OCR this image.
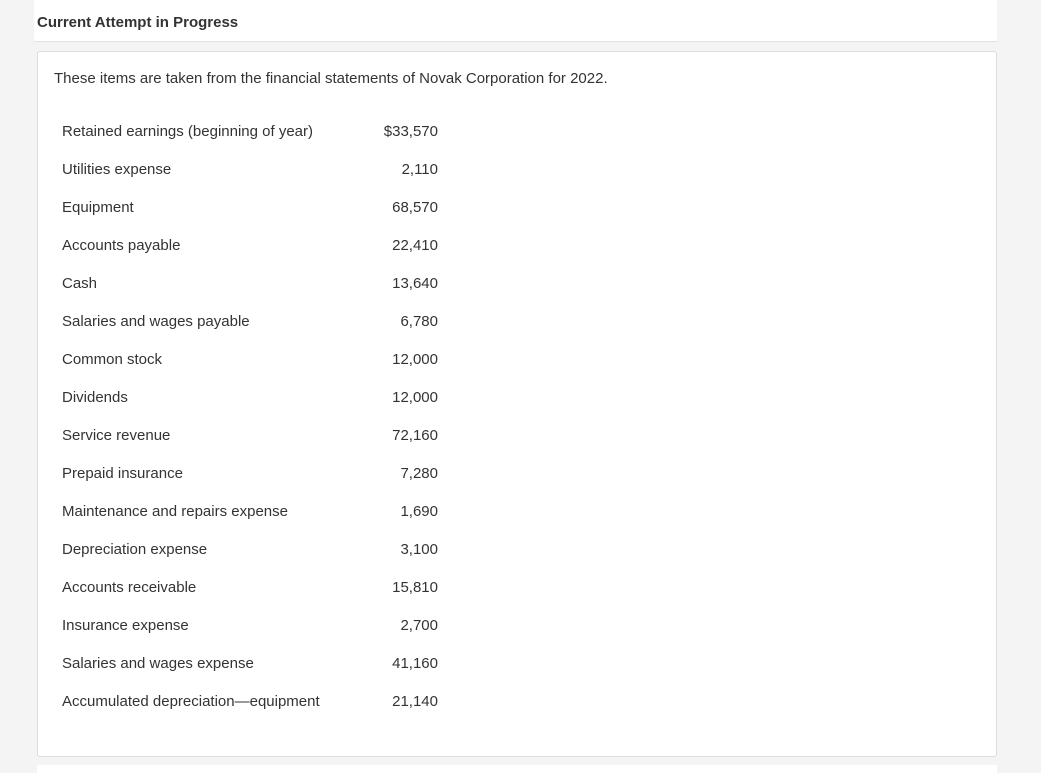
Current Attempt in Progress
These items are taken from the financial statements of Novak Corporation for 2022.
Retained earnings (beginning of year)	$33,570
Utilities expense	2,110
Equipment	68,570
Accounts payable	22,410
Cash	13,640
Salaries and wages payable	6,780
Common stock	12,000
Dividends	12,000
Service revenue	72,160
Prepaid insurance	7,280
Maintenance and repairs expense	1,690
Depreciation expense	3,100
Accounts receivable	15,810
Insurance expense	2,700
Salaries and wages expense	41,160
Accumulated depreciation—equipment	21,140
